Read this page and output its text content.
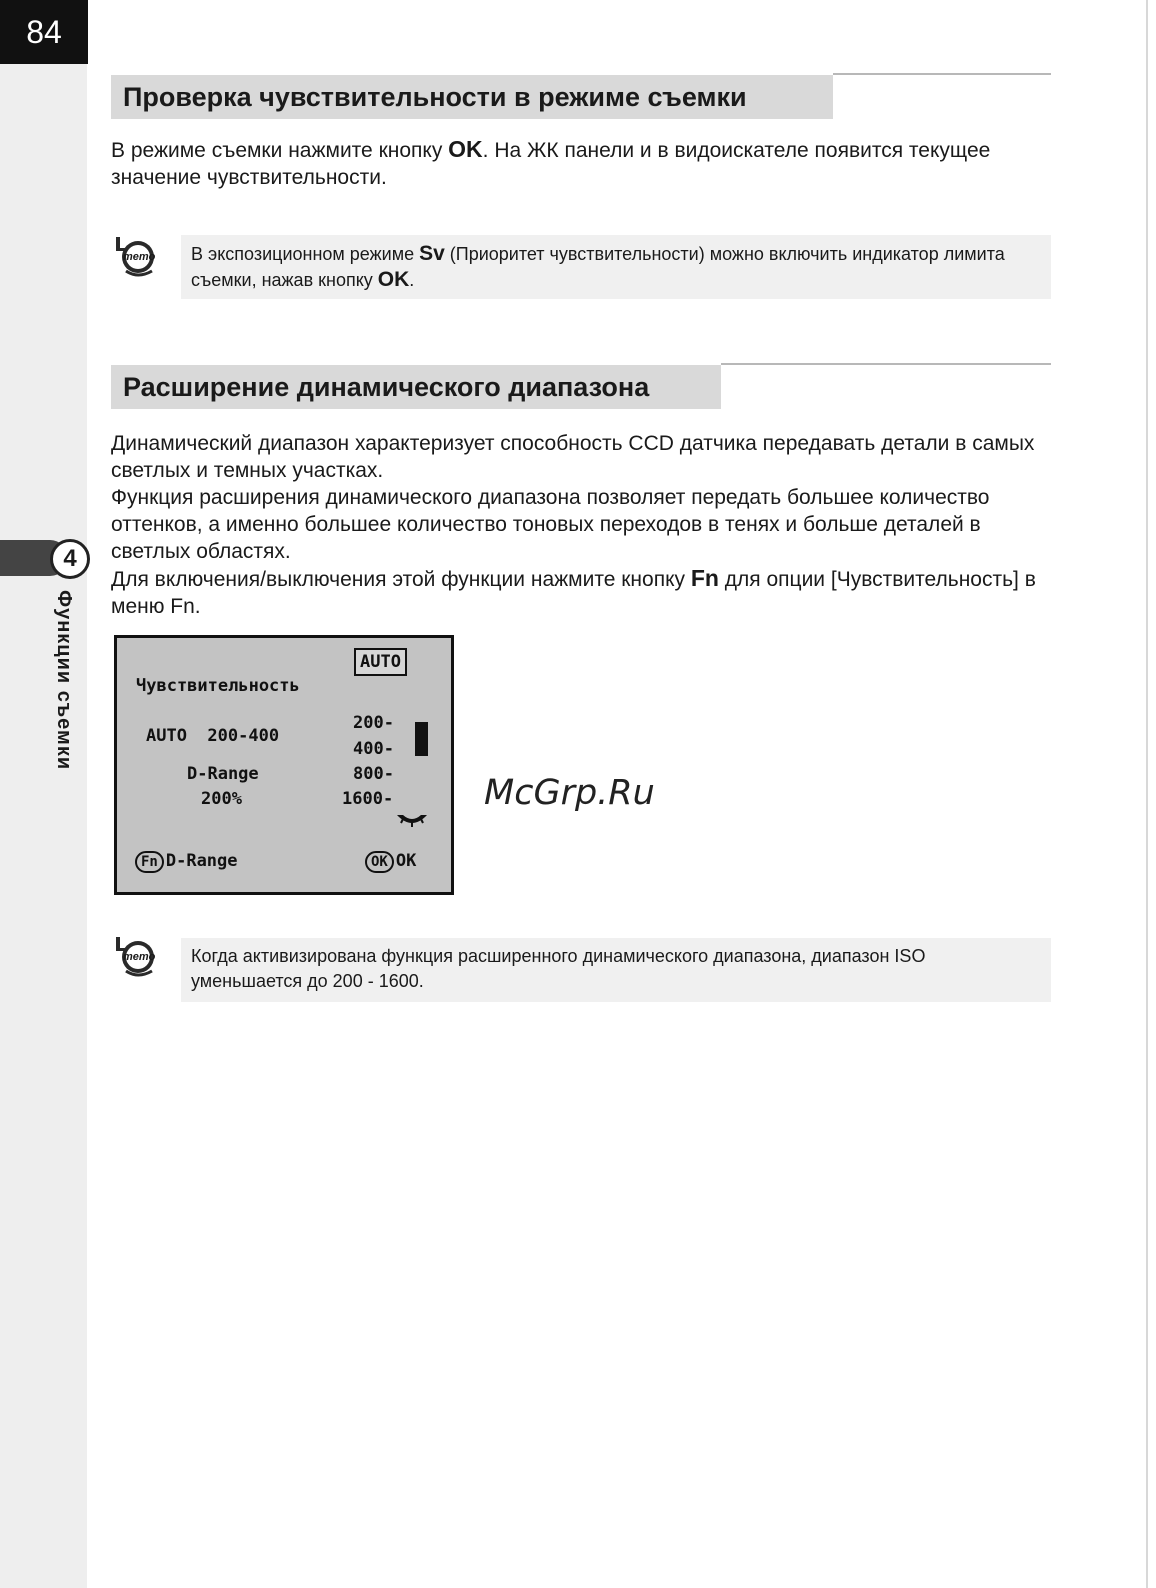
84
4
Функции съемки
Проверка чувствительности в режиме съемки

В режиме съемки нажмите кнопку OK. На ЖК панели и в видоискателе появится текущее значение чувствительности.

memo	В экспозиционном режиме Sv (Приоритет чувствительности) можно включить индикатор лимита съемки, нажав кнопку OK.
Расширение динамического диапазона

Динамический диапазон характеризует способность CCD датчика передавать детали в самых светлых и темных участках.

Функция расширения динамического диапазона позволяет передать большее количество оттенков, а именно большее количество тоновых переходов в тенях и больше деталей в светлых областях.

Для включения/выключения этой функции нажмите кнопку Fn для опции [Чувствительность] в меню Fn.

AUTO
Чувствительность
AUTO  200-400
D-Range
200%
200-
400-
800-
1600-
Fn D-Range	OK OK
McGrp.Ru
memo	Когда активизирована функция расширенного динамического диапазона, диапазон ISO уменьшается до 200 - 1600.
